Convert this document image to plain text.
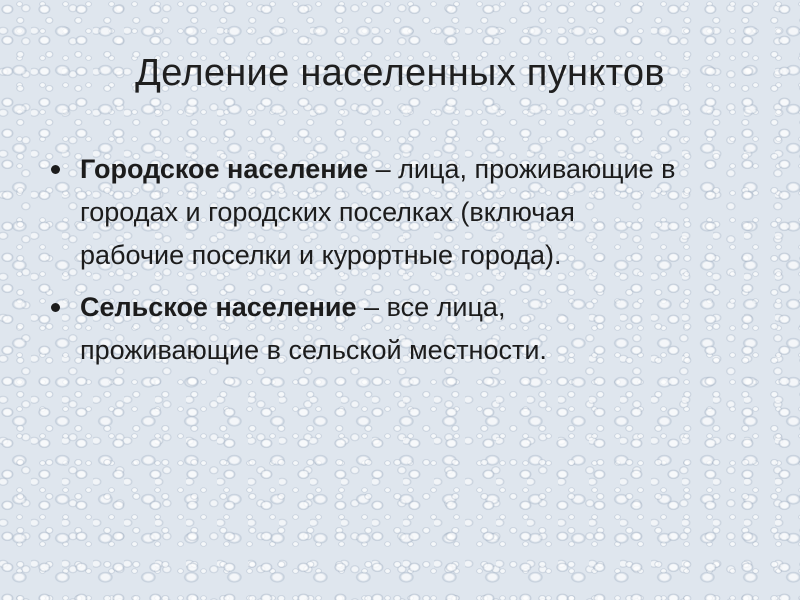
Деление населенных пунктов
Городское население – лица, проживающие в городах и городских поселках (включая рабочие поселки и курортные города).
Сельское население – все лица, проживающие в сельской местности.
